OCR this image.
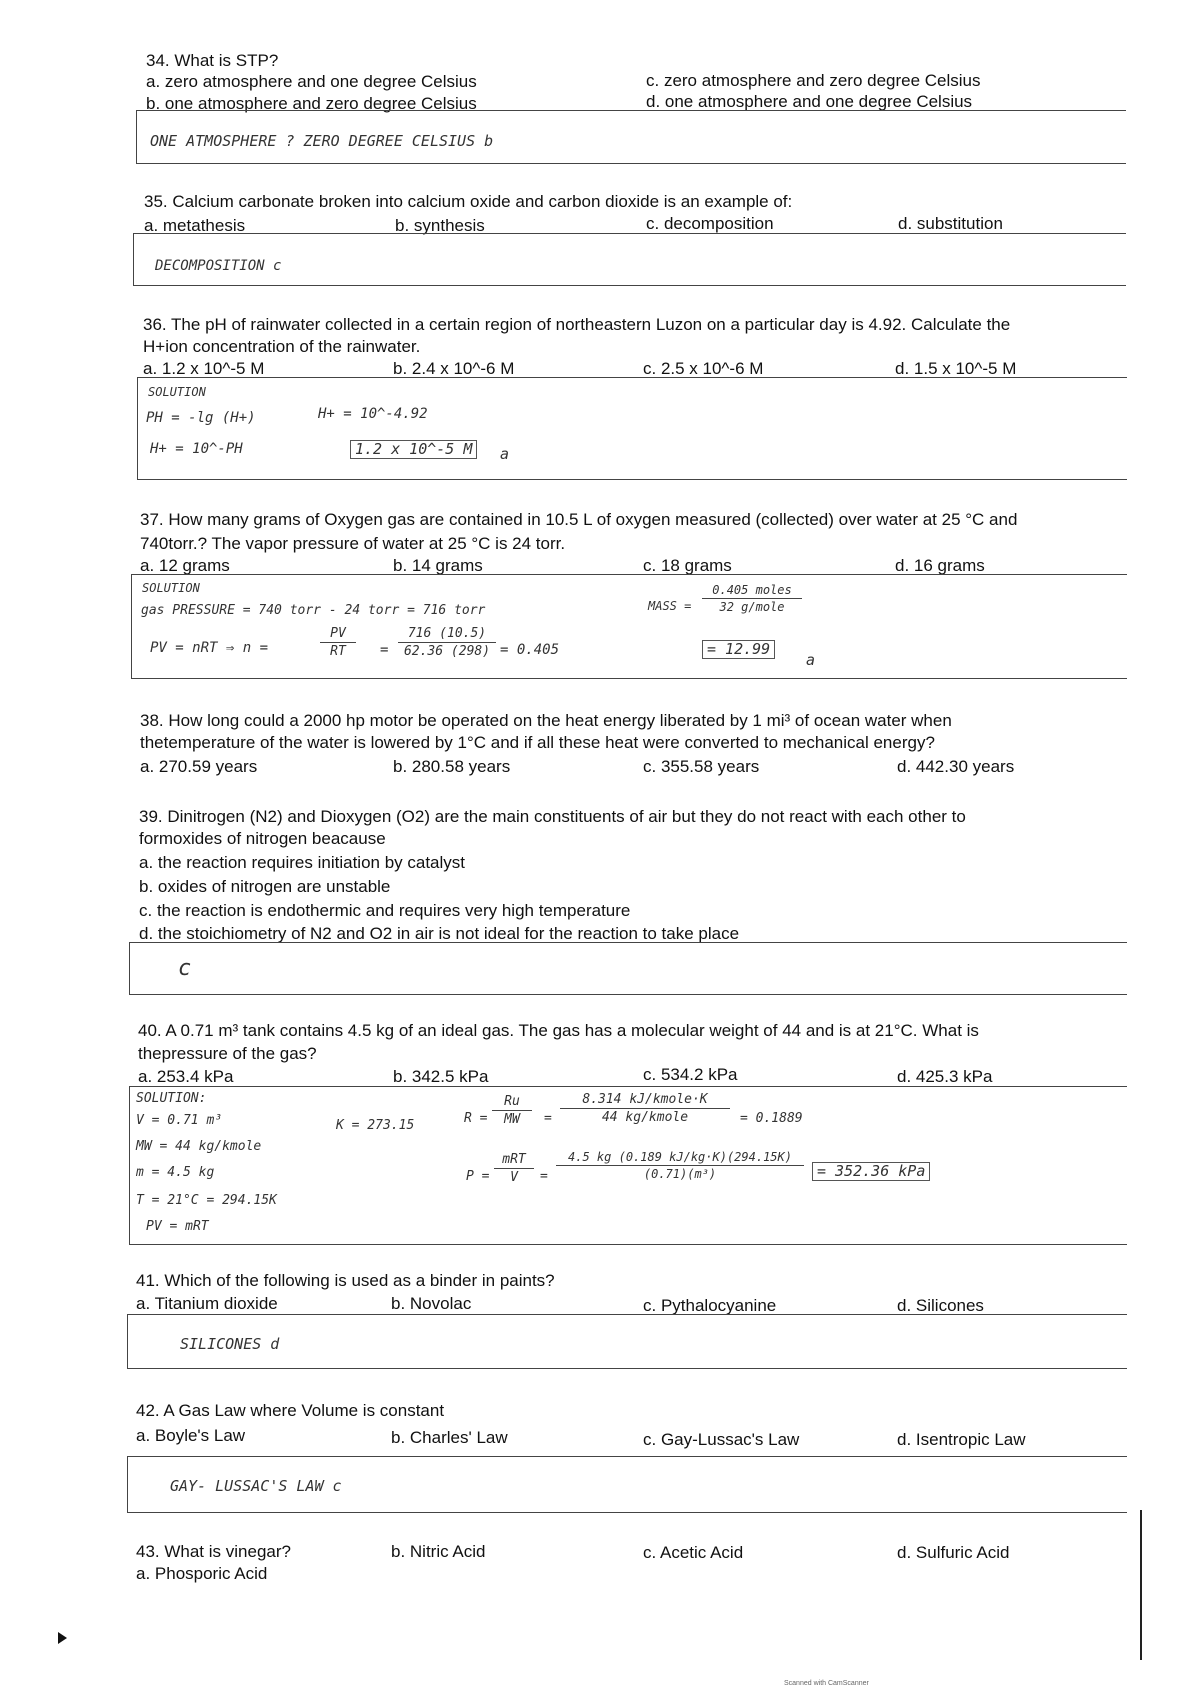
34. What is STP?
a. zero atmosphere and one degree Celsius
b. one atmosphere and zero degree Celsius
c. zero atmosphere and zero degree Celsius
d. one atmosphere and one degree Celsius
ONE ATMOSPHERE ? ZERO DEGREE CELSIUS b
35. Calcium carbonate broken into calcium oxide and carbon dioxide is an example of:
a. metathesis	b. synthesis	c. decomposition	d. substitution
DECOMPOSITION c
36. The pH of rainwater collected in a certain region of northeastern Luzon on a particular day is 4.92. Calculate the
H+ion concentration of the rainwater.
a. 1.2 x 10^-5 M	b. 2.4 x 10^-6 M	c. 2.5 x 10^-6 M	d. 1.5 x 10^-5 M
SOLUTION
PH = -lg (H+)	H+ = 10^-4.92
H+ = 10^-PH	1.2 x 10^-5 M	a
37. How many grams of Oxygen gas are contained in 10.5 L of oxygen measured (collected) over water at 25 °C and
740torr.? The vapor pressure of water at 25 °C is 24 torr.
a. 12 grams	b. 14 grams	c. 18 grams	d. 16 grams
SOLUTION
gas PRESSURE = 740 torr - 24 torr = 716 torr
PV = nRT ⇒ n =
PV
RT	=
716 (10.5)
62.36 (298) = 0.405
MASS =
0.405 moles
32 g/mole
= 12.99
a
38. How long could a 2000 hp motor be operated on the heat energy liberated by 1 mi³ of ocean water when
thetemperature of the water is lowered by 1°C and if all these heat were converted to mechanical energy?
a. 270.59 years	b. 280.58 years	c. 355.58 years	d. 442.30 years
39. Dinitrogen (N2) and Dioxygen (O2) are the main constituents of air but they do not react with each other to
formoxides of nitrogen beacause
a. the reaction requires initiation by catalyst
b. oxides of nitrogen are unstable
c. the reaction is endothermic and requires very high temperature
d. the stoichiometry of N2 and O2 in air is not ideal for the reaction to take place
c
40. A 0.71 m³ tank contains 4.5 kg of an ideal gas. The gas has a molecular weight of 44 and is at 21°C. What is
thepressure of the gas?
a. 253.4 kPa	b. 342.5 kPa	c. 534.2 kPa	d. 425.3 kPa
SOLUTION:
V = 0.71 m³
MW = 44 kg/kmole
m = 4.5 kg
T = 21°C = 294.15K
PV = mRT
K = 273.15	R =
Ru
MW	=
8.314 kJ/kmole·K
44 kg/kmole	= 0.1889
P =
mRT
V	=
4.5 kg (0.189 kJ/kg·K)(294.15K)
(0.71)(m³)	= 352.36 kPa
41. Which of the following is used as a binder in paints?
a. Titanium dioxide	b. Novolac	c. Pythalocyanine	d. Silicones
SILICONES d
42. A Gas Law where Volume is constant
a. Boyle's Law	b. Charles' Law	c. Gay-Lussac's Law	d. Isentropic Law
GAY- LUSSAC'S LAW c
43. What is vinegar?
a. Phosporic Acid
b. Nitric Acid	c. Acetic Acid	d. Sulfuric Acid
Scanned with CamScanner
